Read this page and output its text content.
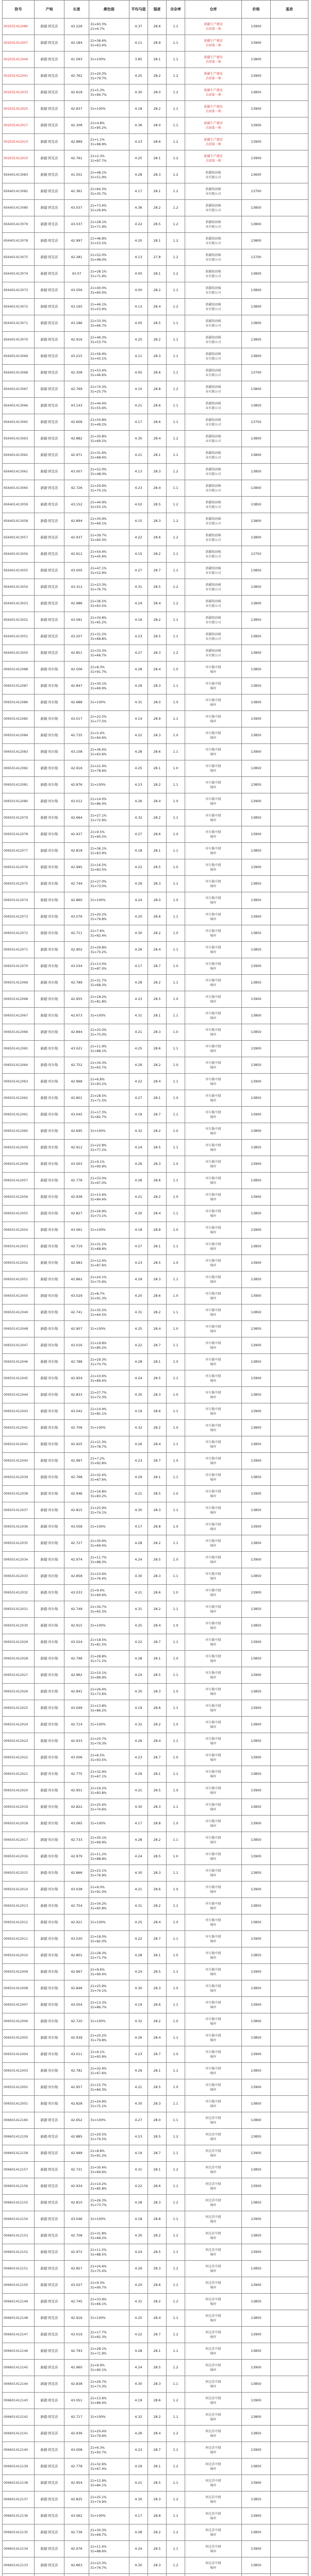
批号	产地	长度	颜色级	平均马值	强度	含杂率	仓库	价格	基差
002031412080	新疆·阿克苏	43.226	31=93.3%
21=6.7%	4.37	28.6	1.1	新疆生产建设
兵团第一师	13900	
002031412057	新疆·阿克苏	42.184	21=36.6%
31=63.4%	4.11	28.9	1.1	新疆生产建设
兵团第一师	13900	
002031412049	新疆·阿克苏	41.093	31=100%	3.85	28.1	1.1	新疆生产建设
兵团第一师	13800	
002031412041	新疆·阿克苏	42.762	21=20.3%
31=79.7%	4.25	28.2	1.2	新疆生产建设
兵团第一师	13900	
002031412033	新疆·阿克苏	42.618	21=5.3%
31=94.7%	4.30	28.0	1.2	新疆生产建设
兵团第一师	13850	
002031412025	新疆·阿克苏	42.837	31=100%	4.18	28.2	1.1	新疆生产建设
兵团第一师	13900	
002031412017	新疆·阿克苏	42.308	21=4.8%
31=95.2%	4.36	28.0	1.1	新疆生产建设
兵团第一师	13900	
002031412013	新疆·阿克苏	42.889	21=1.1%
31=98.9%	4.23	28.6	1.2	新疆生产建设
兵团第一师	13900	
002031412010	新疆·阿克苏	42.761	21=2.3%
31=97.7%	4.25	28.1	1.2	新疆生产建设
兵团第一师	13900	
656401413083	新疆·阿克苏	41.501	21=48.1%
31=51.9%	4.28	28.3	1.2	新疆银海棉
业有限公司	13600	
656401413082	新疆·阿克苏	42.361	21=64.3%
31=35.7%	4.17	28.1	1.2	新疆银海棉
业有限公司	13700	
656401413080	新疆·阿克苏	43.037	21=73.4%
31=26.6%	4.36	28.2	1.2	新疆银海棉
业有限公司	13850	
656401413079	新疆·阿克苏	43.037	21=28.1%
31=71.9%	4.22	28.5	1.2	新疆银海棉
业有限公司	13800	
656401413078	新疆·阿克苏	42.997	21=46.8%
31=53.2%	4.20	28.1	1.2	新疆银海棉
业有限公司	13800	
656401413075	新疆·阿克苏	42.281	21=52.0%
31=48.0%	4.13	27.8	1.2	新疆银海棉
业有限公司	13700	
656401413074	新疆·阿克苏	43.07	21=28.1%
31=71.9%	4.00	28.1	1.2	新疆银海棉
业有限公司	13800	
656401413073	新疆·阿克苏	43.056	21=40.0%
31=60.0%	4.00	28.2	1.1	新疆银海棉
业有限公司	13800	
656401413072	新疆·阿克苏	43.195	21=46.1%
31=53.9%	4.13	28.4	1.2	新疆银海棉
业有限公司	13800	
656401413071	新疆·阿克苏	43.186	21=33.3%
31=66.7%	4.05	28.5	1.1	新疆银海棉
业有限公司	13800	
656401413070	新疆·阿克苏	42.916	21=46.3%
31=53.7%	4.25	28.2	1.1	新疆银海棉
业有限公司	13800	
656401413069	新疆·阿克苏	43.215	21=56.9%
31=43.1%	4.11	28.3	1.1	新疆银海棉
业有限公司	13800	
656401413068	新疆·阿克苏	42.308	21=53.4%
31=46.6%	4.05	28.6	1.1	新疆银海棉
业有限公司	13700	
656401413067	新疆·阿克苏	42.769	21=74.3%
31=25.7%	4.10	28.8	1.2	新疆银海棉
业有限公司	13800	
656401413066	新疆·阿克苏	43.143	21=44.4%
31=55.6%	4.21	28.6	1.1	新疆银海棉
业有限公司	13850	
656401413065	新疆·阿克苏	42.608	21=50.8%
31=49.2%	4.17	28.6	1.1	新疆银海棉
业有限公司	13750	
656401413063	新疆·阿克苏	42.882	21=30.8%
31=69.2%	4.30	28.4	1.2	新疆银海棉
业有限公司	13800	
656401413062	新疆·阿克苏	42.971	21=31.6%
31=68.4%	4.21	28.1	1.1	新疆银海棉
业有限公司	13800	
656401413061	新疆·阿克苏	43.007	21=52.0%
31=48.0%	4.13	28.3	1.2	新疆银海棉
业有限公司	13850	
656401413060	新疆·阿克苏	42.726	21=29.9%
31=70.1%	4.23	28.4	1.1	新疆银海棉
业有限公司	13800	
656401413059	新疆·阿克苏	43.152	21=44.9%
31=55.1%	4.02	28.5	1.2	新疆银海棉
业有限公司	13850	
656401413058	新疆·阿克苏	42.894	21=30.9%
31=69.1%	4.15	28.3	1.2	新疆银海棉
业有限公司	13800	
656401413057	新疆·阿克苏	42.937	21=39.7%
31=60.3%	4.22	28.6	1.2	新疆银海棉
业有限公司	13800	
656401413056	新疆·阿克苏	42.612	21=54.4%
31=45.6%	4.15	28.2	1.1	新疆银海棉
业有限公司	13750	
656401413055	新疆·阿克苏	43.005	21=47.1%
31=52.9%	4.27	28.7	1.1	新疆银海棉
业有限公司	13850	
656401413054	新疆·阿克苏	43.312	21=23.3%
31=76.7%	4.31	28.5	1.2	新疆银海棉
业有限公司	13850	
656401413053	新疆·阿克苏	42.986	21=36.5%
31=63.5%	4.24	28.4	1.2	新疆银海棉
业有限公司	13800	
656401413052	新疆·阿克苏	43.091	21=34.8%
31=65.2%	4.16	28.2	1.1	新疆银海棉
业有限公司	13850	
656401413051	新疆·阿克苏	43.207	21=31.2%
31=68.8%	4.23	28.5	1.1	新疆银海棉
业有限公司	13850	
656401413050	新疆·阿克苏	42.851	21=33.3%
31=66.7%	4.27	28.3	1.2	新疆银海棉
业有限公司	13800	
006501412088	新疆·库尔勒	42.506	21=8.3%
31=91.7%	4.28	28.4	1.0	库尔勒中储
棉库	13850	
006501412087	新疆·库尔勒	42.847	21=30.1%
31=69.9%	4.29	28.3	1.1	库尔勒中储
棉库	13850	
006501412086	新疆·库尔勒	42.688	31=100%	4.31	28.0	1.0	库尔勒中储
棉库	13800	
006501412085	新疆·库尔勒	43.017	21=22.5%
31=77.5%	4.14	28.9	1.1	库尔勒中储
棉库	13900	
006501412084	新疆·库尔勒	42.735	21=5.4%
31=94.6%	4.22	28.3	1.0	库尔勒中储
棉库	13850	
006501412083	新疆·库尔勒	43.108	21=36.4%
31=63.6%	4.28	28.6	1.1	库尔勒中储
棉库	13900	
006501412082	新疆·库尔勒	42.916	21=21.4%
31=78.6%	4.25	28.1	1.0	库尔勒中储
棉库	13850	
006501412081	新疆·库尔勒	42.876	31=100%	4.23	28.2	1.1	库尔勒中储
棉库	13850	
006501412080	新疆·库尔勒	43.012	21=14.0%
31=86.0%	4.26	28.4	1.0	库尔勒中储
棉库	13900	
006501412079	新疆·库尔勒	42.664	21=27.1%
31=72.9%	4.32	28.2	1.1	库尔勒中储
棉库	13850	
006501412078	新疆·库尔勒	42.937	21=9.5%
31=90.5%	4.27	28.6	1.0	库尔勒中储
棉库	13900	
006501412077	新疆·库尔勒	42.818	21=36.1%
31=63.9%	4.18	28.1	1.1	库尔勒中储
棉库	13850	
006501412076	新疆·库尔勒	42.995	21=16.5%
31=83.5%	4.22	28.5	1.0	库尔勒中储
棉库	13900	
006501412075	新疆·库尔勒	42.744	21=27.0%
31=73.0%	4.29	28.3	1.1	库尔勒中储
棉库	13850	
006501412074	新疆·库尔勒	42.860	31=100%	4.24	28.0	1.0	库尔勒中储
棉库	13850	
006501412073	新疆·库尔勒	43.076	21=20.2%
31=79.8%	4.20	28.6	1.1	库尔勒中储
棉库	13900	
006501412072	新疆·库尔勒	42.711	21=7.6%
31=92.4%	4.30	28.2	1.0	库尔勒中储
棉库	13850	
006501412071	新疆·库尔勒	42.902	21=29.8%
31=70.2%	4.26	28.4	1.1	库尔勒中储
棉库	13850	
006501412070	新疆·库尔勒	43.034	21=13.0%
31=87.0%	4.17	28.7	1.0	库尔勒中储
棉库	13900	
006501412069	新疆·库尔勒	42.789	21=31.7%
31=68.3%	4.28	28.2	1.1	库尔勒中储
棉库	13850	
006501412068	新疆·库尔勒	42.955	21=18.2%
31=81.8%	4.23	28.5	1.0	库尔勒中储
棉库	13900	
006501412067	新疆·库尔勒	42.673	31=100%	4.31	28.1	1.1	库尔勒中储
棉库	13800	
006501412066	新疆·库尔勒	42.894	21=25.0%
31=75.0%	4.21	28.3	1.0	库尔勒中储
棉库	13850	
006501412065	新疆·库尔勒	43.021	21=11.9%
31=88.1%	4.25	28.6	1.1	库尔勒中储
棉库	13900	
006501412064	新疆·库尔勒	42.752	21=34.3%
31=65.7%	4.29	28.2	1.0	库尔勒中储
棉库	13850	
006501412063	新疆·库尔勒	42.968	21=6.8%
31=93.2%	4.22	28.4	1.1	库尔勒中储
棉库	13900	
006501412062	新疆·库尔勒	42.801	21=28.5%
31=71.5%	4.27	28.1	1.0	库尔勒中储
棉库	13850	
006501412061	新疆·库尔勒	43.045	21=17.3%
31=82.7%	4.19	28.7	1.1	库尔勒中储
棉库	13900	
006501412060	新疆·库尔勒	42.695	31=100%	4.32	28.2	1.0	库尔勒中储
棉库	13800	
006501412059	新疆·库尔勒	42.912	21=22.8%
31=77.2%	4.24	28.5	1.1	库尔勒中储
棉库	13850	
006501412058	新疆·库尔勒	43.003	21=9.1%
31=90.9%	4.26	28.3	1.0	库尔勒中储
棉库	13900	
006501412057	新疆·库尔勒	42.776	21=33.0%
31=67.0%	4.28	28.6	1.1	库尔勒中储
棉库	13850	
006501412056	新疆·库尔勒	42.938	21=15.6%
31=84.4%	4.21	28.2	1.0	库尔勒中储
棉库	13900	
006501412055	新疆·库尔勒	42.827	21=26.9%
31=73.1%	4.30	28.4	1.1	库尔勒中储
棉库	13850	
006501412054	新疆·库尔勒	43.061	31=100%	4.18	28.8	1.0	库尔勒中储
棉库	13900	
006501412053	新疆·库尔勒	42.719	21=31.2%
31=68.8%	4.27	28.1	1.1	库尔勒中储
棉库	13850	
006501412052	新疆·库尔勒	42.983	21=12.4%
31=87.6%	4.23	28.5	1.0	库尔勒中储
棉库	13900	
006501412051	新疆·库尔勒	42.862	21=24.1%
31=75.9%	4.29	28.3	1.1	库尔勒中储
棉库	13850	
006501412050	新疆·库尔勒	43.029	21=8.7%
31=91.3%	4.20	28.6	1.0	库尔勒中储
棉库	13900	
006501412049	新疆·库尔勒	42.741	21=35.5%
31=64.5%	4.31	28.2	1.1	库尔勒中储
棉库	13850	
006501412048	新疆·库尔勒	42.907	31=100%	4.25	28.4	1.0	库尔勒中储
棉库	13850	
006501412047	新疆·库尔勒	43.016	21=19.8%
31=80.2%	4.22	28.7	1.1	库尔勒中储
棉库	13900	
006501412046	新疆·库尔勒	42.788	21=29.3%
31=70.7%	4.28	28.1	1.0	库尔勒中储
棉库	13850	
006501412045	新疆·库尔勒	42.954	21=10.6%
31=89.4%	4.24	28.5	1.1	库尔勒中储
棉库	13900	
006501412044	新疆·库尔勒	42.833	21=27.7%
31=72.3%	4.30	28.3	1.0	库尔勒中储
棉库	13850	
006501412043	新疆·库尔勒	43.042	21=14.9%
31=85.1%	4.19	28.6	1.1	库尔勒中储
棉库	13900	
006501412042	新疆·库尔勒	42.706	31=100%	4.32	28.2	1.0	库尔勒中储
棉库	13800	
006501412041	新疆·库尔勒	42.925	21=21.3%
31=78.7%	4.26	28.4	1.1	库尔勒中储
棉库	13850	
006501412040	新疆·库尔勒	42.997	21=7.2%
31=92.8%	4.23	28.7	1.0	库尔勒中储
棉库	13900	
006501412039	新疆·库尔勒	42.768	21=32.4%
31=67.6%	4.29	28.1	1.1	库尔勒中储
棉库	13850	
006501412038	新疆·库尔勒	42.946	21=16.8%
31=83.2%	4.21	28.5	1.0	库尔勒中储
棉库	13900	
006501412037	新疆·库尔勒	42.815	21=25.9%
31=74.1%	4.30	28.3	1.1	库尔勒中储
棉库	13850	
006501412036	新疆·库尔勒	43.058	31=100%	4.17	28.8	1.0	库尔勒中储
棉库	13900	
006501412035	新疆·库尔勒	42.727	21=30.6%
31=69.4%	4.28	28.2	1.1	库尔勒中储
棉库	13850	
006501412034	新疆·库尔勒	42.974	21=11.7%
31=88.3%	4.24	28.5	1.0	库尔勒中储
棉库	13900	
006501412033	新疆·库尔勒	42.858	21=23.6%
31=76.4%	4.30	28.3	1.1	库尔勒中储
棉库	13850	
006501412032	新疆·库尔勒	43.033	21=9.4%
31=90.6%	4.21	28.6	1.0	库尔勒中储
棉库	13900	
006501412031	新疆·库尔勒	42.749	21=34.7%
31=65.3%	4.31	28.2	1.1	库尔勒中储
棉库	13850	
006501412030	新疆·库尔勒	42.915	31=100%	4.25	28.4	1.0	库尔勒中储
棉库	13850	
006501412029	新疆·库尔勒	43.024	21=18.5%
31=81.5%	4.22	28.7	1.1	库尔勒中储
棉库	13900	
006501412028	新疆·库尔勒	42.796	21=28.8%
31=71.2%	4.28	28.1	1.0	库尔勒中储
棉库	13850	
006501412027	新疆·库尔勒	42.962	21=10.1%
31=89.9%	4.24	28.5	1.1	库尔勒中储
棉库	13900	
006501412026	新疆·库尔勒	42.841	21=26.4%
31=73.6%	4.30	28.3	1.0	库尔勒中储
棉库	13850	
006501412025	新疆·库尔勒	43.049	21=13.8%
31=86.2%	4.19	28.6	1.1	库尔勒中储
棉库	13900	
006501412024	新疆·库尔勒	42.714	31=100%	4.32	28.2	1.0	库尔勒中储
棉库	13800	
006501412023	新疆·库尔勒	42.933	21=20.7%
31=79.3%	4.26	28.4	1.1	库尔勒中储
棉库	13850	
006501412022	新疆·库尔勒	43.006	21=6.5%
31=93.5%	4.23	28.7	1.0	库尔勒中储
棉库	13900	
006501412021	新疆·库尔勒	42.775	21=32.9%
31=67.1%	4.29	28.1	1.1	库尔勒中储
棉库	13850	
006501412020	新疆·库尔勒	42.951	21=16.2%
31=83.8%	4.21	28.5	1.0	库尔勒中储
棉库	13900	
006501412019	新疆·库尔勒	42.822	21=25.4%
31=74.6%	4.30	28.3	1.1	库尔勒中储
棉库	13850	
006501412018	新疆·库尔勒	43.065	31=100%	4.17	28.8	1.0	库尔勒中储
棉库	13900	
006501412017	新疆·库尔勒	42.733	21=30.1%
31=69.9%	4.28	28.2	1.1	库尔勒中储
棉库	13850	
006501412016	新疆·库尔勒	42.979	21=11.2%
31=88.8%	4.24	28.5	1.0	库尔勒中储
棉库	13900	
006501412015	新疆·库尔勒	42.866	21=23.1%
31=76.9%	4.30	28.3	1.1	库尔勒中储
棉库	13850	
006501412014	新疆·库尔勒	43.038	21=9.0%
31=91.0%	4.21	28.6	1.0	库尔勒中储
棉库	13900	
006501412013	新疆·库尔勒	42.754	21=34.2%
31=65.8%	4.31	28.2	1.1	库尔勒中储
棉库	13850	
006501412012	新疆·库尔勒	42.921	31=100%	4.25	28.4	1.0	库尔勒中储
棉库	13850	
006501412011	新疆·库尔勒	43.030	21=18.0%
31=82.0%	4.22	28.7	1.1	库尔勒中储
棉库	13900	
006501412010	新疆·库尔勒	42.801	21=28.3%
31=71.7%	4.28	28.1	1.0	库尔勒中储
棉库	13850	
006501412009	新疆·库尔勒	42.967	21=9.6%
31=90.4%	4.24	28.5	1.1	库尔勒中储
棉库	13900	
006501412008	新疆·库尔勒	42.846	21=25.9%
31=74.1%	4.30	28.3	1.0	库尔勒中储
棉库	13850	
006501412007	新疆·库尔勒	43.054	21=13.3%
31=86.7%	4.19	28.6	1.1	库尔勒中储
棉库	13900	
006501412006	新疆·库尔勒	42.720	31=100%	4.32	28.2	1.0	库尔勒中储
棉库	13800	
006501412005	新疆·库尔勒	42.939	21=20.2%
31=79.8%	4.26	28.4	1.1	库尔勒中储
棉库	13850	
006501412004	新疆·库尔勒	43.011	21=6.1%
31=93.9%	4.23	28.7	1.0	库尔勒中储
棉库	13900	
006501412003	新疆·库尔勒	42.781	21=32.4%
31=67.6%	4.29	28.1	1.1	库尔勒中储
棉库	13850	
006501412002	新疆·库尔勒	42.957	21=15.7%
31=84.3%	4.21	28.5	1.0	库尔勒中储
棉库	13900	
006501412001	新疆·库尔勒	42.828	21=24.9%
31=75.1%	4.30	28.3	1.1	库尔勒中储
棉库	13850	
006601412160	新疆·阿克苏	42.652	31=100%	4.27	28.0	1.1	阿克苏中储
棉库	13800	
006601412159	新疆·阿克苏	42.885	21=20.5%
31=79.5%	4.23	28.5	1.2	阿克苏中储
棉库	13850	
006601412158	新疆·阿克苏	42.999	21=8.8%
31=91.2%	4.19	28.7	1.1	阿克苏中储
棉库	13900	
006601412157	新疆·阿克苏	42.731	21=30.4%
31=69.6%	4.31	28.1	1.2	阿克苏中储
棉库	13850	
006601412156	新疆·阿克苏	42.934	21=14.2%
31=85.8%	4.22	28.6	1.1	阿克苏中储
棉库	13900	
006601412155	新疆·阿克苏	42.810	21=26.3%
31=73.7%	4.28	28.3	1.2	阿克苏中储
棉库	13850	
006601412154	新疆·阿克苏	43.046	31=100%	4.18	28.8	1.1	阿克苏中储
棉库	13900	
006601412153	新疆·阿克苏	42.708	21=31.8%
31=68.2%	4.30	28.2	1.2	阿克苏中储
棉库	13850	
006601412152	新疆·阿克苏	42.972	21=11.5%
31=88.5%	4.24	28.5	1.1	阿克苏中储
棉库	13900	
006601412151	新疆·阿克苏	42.857	21=24.6%
31=75.4%	4.29	28.3	1.2	阿克苏中储
棉库	13850	
006601412150	新疆·阿克苏	43.027	21=9.3%
31=90.7%	4.20	28.6	1.1	阿克苏中储
棉库	13900	
006601412149	新疆·阿克苏	42.745	21=33.9%
31=66.1%	4.31	28.2	1.2	阿克苏中储
棉库	13850	
006601412148	新疆·阿克苏	42.916	31=100%	4.25	28.4	1.1	阿克苏中储
棉库	13850	
006601412147	新疆·阿克苏	43.019	21=17.7%
31=82.3%	4.22	28.7	1.2	阿克苏中储
棉库	13900	
006601412146	新疆·阿克苏	42.793	21=28.1%
31=71.9%	4.28	28.1	1.1	阿克苏中储
棉库	13850	
006601412145	新疆·阿克苏	42.960	21=9.9%
31=90.1%	4.24	28.5	1.2	阿克苏中储
棉库	13900	
006601412144	新疆·阿克苏	42.838	21=26.7%
31=73.3%	4.30	28.3	1.1	阿克苏中储
棉库	13850	
006601412143	新疆·阿克苏	43.051	21=13.6%
31=86.4%	4.19	28.6	1.2	阿克苏中储
棉库	13900	
006601412142	新疆·阿克苏	42.717	31=100%	4.32	28.2	1.1	阿克苏中储
棉库	13800	
006601412141	新疆·阿克苏	42.936	21=20.4%
31=79.6%	4.26	28.4	1.2	阿克苏中储
棉库	13850	
006601412140	新疆·阿克苏	43.008	21=6.3%
31=93.7%	4.23	28.7	1.1	阿克苏中储
棉库	13900	
006601412139	新疆·阿克苏	42.778	21=32.6%
31=67.4%	4.29	28.1	1.2	阿克苏中储
棉库	13850	
006601412138	新疆·阿克苏	42.954	21=15.9%
31=84.1%	4.21	28.5	1.1	阿克苏中储
棉库	13900	
006601412137	新疆·阿克苏	42.825	21=25.1%
31=74.9%	4.30	28.3	1.2	阿克苏中储
棉库	13850	
006601412136	新疆·阿克苏	43.062	31=100%	4.17	28.8	1.1	阿克苏中储
棉库	13900	
006601412135	新疆·阿克苏	42.736	21=30.3%
31=69.7%	4.28	28.2	1.2	阿克苏中储
棉库	13850	
006601412134	新疆·阿克苏	42.976	21=11.4%
31=88.6%	4.24	28.5	1.1	阿克苏中储
棉库	13900	
006601412133	新疆·阿克苏	42.863	21=23.3%
31=76.7%	4.30	28.3	1.2	阿克苏中储
棉库	13850	
